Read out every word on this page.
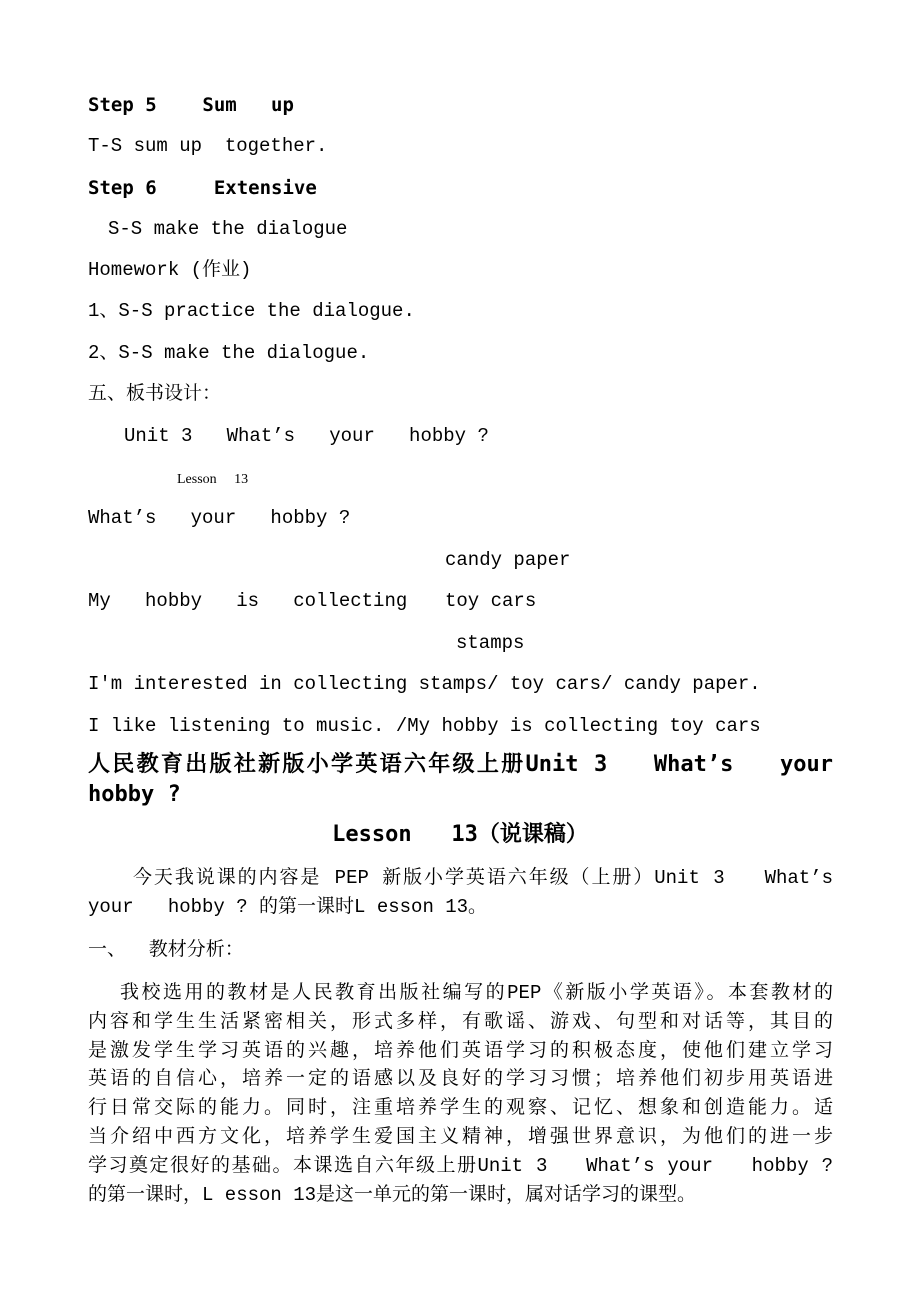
Step 5    Sum   up
T-S sum up  together.
Step 6     Extensive
S-S make the dialogue
Homework (作业)
1、S-S practice the dialogue.
2、S-S make the dialogue.
五、板书设计：
Unit 3   What’s   your   hobby ?
Lesson     13
What’s   your   hobby ?
candy paper
My   hobby   is   collecting toy cars
stamps
I'm interested in collecting stamps/ toy cars/ candy paper.
I like listening to music. /My hobby is collecting toy cars
人民教育出版社新版小学英语六年级上册Unit 3   What’s   your
hobby ?
Lesson   13（说课稿）
今天我说课的内容是 PEP 新版小学英语六年级（上册）Unit 3   What’s
your   hobby ? 的第一课时L esson 13。
一、  教材分析：
我校选用的教材是人民教育出版社编写的PEP《新版小学英语》。本套教材的
内容和学生生活紧密相关，形式多样，有歌谣、游戏、句型和对话等，其目的
是激发学生学习英语的兴趣，培养他们英语学习的积极态度，使他们建立学习
英语的自信心，培养一定的语感以及良好的学习习惯；培养他们初步用英语进
行日常交际的能力。同时，注重培养学生的观察、记忆、想象和创造能力。适
当介绍中西方文化，培养学生爱国主义精神，增强世界意识，为他们的进一步
学习奠定很好的基础。本课选自六年级上册Unit 3   What’s your   hobby ?
的第一课时，L esson 13是这一单元的第一课时，属对话学习的课型。
